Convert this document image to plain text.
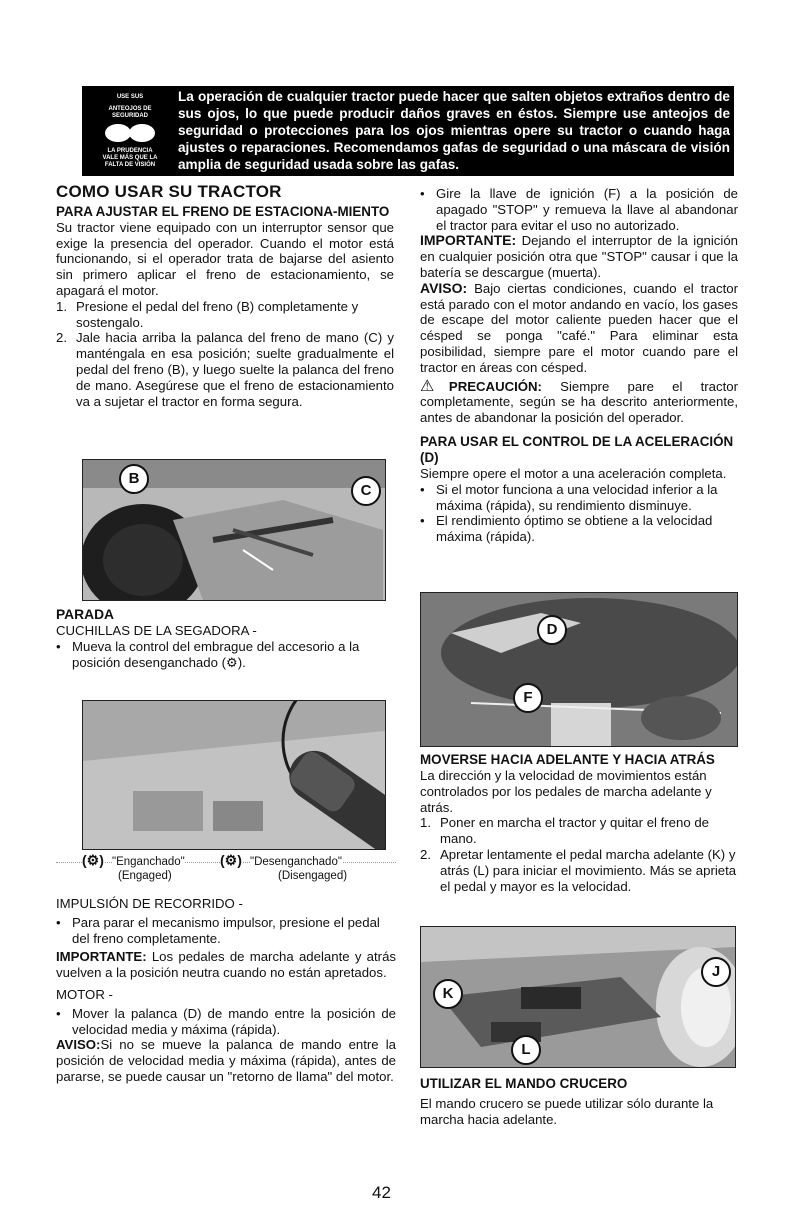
USE SUS
ANTEOJOS DE
SEGURIDAD
LA PRUDENCIA
VALE MÁS QUE LA
FALTA DE VISIÓN
La operación de cualquier tractor puede hacer que salten objetos extraños dentro de sus ojos, lo que puede producir daños graves en éstos. Siempre use anteojos de seguridad o protecciones para los ojos mientras opere su tractor o cuando haga ajustes o reparaciones. Recomendamos gafas de seguridad o una máscara de visión amplia de seguridad usada sobre las gafas.
COMO USAR SU TRACTOR
PARA AJUSTAR EL FRENO DE ESTACIONA-MIENTO

Su tractor viene equipado con un interruptor sensor que exige la presencia del operador. Cuando el motor está funcionando, si el operador trata de bajarse del asiento sin primero aplicar el freno de estacionamiento, se apagará el motor.

1. Presione el pedal del freno (B) completamente y sostengalo.
2. Jale hacia arriba la palanca del freno de mano (C) y manténgala en esa posición; suelte gradualmente el pedal del freno (B), y luego suelte la palanca del freno de mano. Asegúrese que el freno de estacionamiento va a sujetar el tractor en forma segura.
B
C
PARADA

CUCHILLAS DE LA SEGADORA -

• Mueva la control del embrague del accesorio a la posición desenganchado (⚙).
(⚙) "Enganchado"
(Engaged)
(⚙) "Desenganchado"
(Disengaged)

IMPULSIÓN DE RECORRIDO -

• Para parar el mecanismo impulsor, presione el pedal del freno completamente.

IMPORTANTE: Los pedales de marcha adelante y atrás vuelven a la posición neutra cuando no están apretados.

MOTOR -

• Mover la palanca (D) de mando entre la posición de velocidad media y máxima (rápida).

AVISO:Si no se mueve la palanca de mando entre la posición de velocidad media y máxima (rápida), antes de pararse, se puede causar un "retorno de llama" del motor.

• Gire la llave de ignición (F) a la posición de apagado "STOP" y remueva la llave al abandonar el tractor para evitar el uso no autorizado.

IMPORTANTE: Dejando el interruptor de la ignición en cualquier posición otra que "STOP" causar i que la batería se descargue (muerta).

AVISO: Bajo ciertas condiciones, cuando el tractor está parado con el motor andando en vacío, los gases de escape del motor caliente pueden hacer que el césped se ponga "café." Para eliminar esta posibilidad, siempre pare el motor cuando pare el tractor en áreas con césped.

⚠PRECAUCIÓN: Siempre pare el tractor completamente, según se ha descrito anteriormente, antes de abandonar la posición del operador.

PARA USAR EL CONTROL DE LA ACELERACIÓN (D)

Siempre opere el motor a una aceleración completa.

• Si el motor funciona a una velocidad inferior a la máxima (rápida), su rendimiento disminuye.
• El rendimiento óptimo se obtiene a la velocidad máxima (rápida).
D
F
MOVERSE HACIA ADELANTE Y HACIA ATRÁS

La dirección y la velocidad de movimientos están controlados por los pedales de marcha adelante y atrás.

1. Poner en marcha el tractor y quitar el freno de mano.
2. Apretar lentamente el pedal marcha adelante (K) y atrás (L) para iniciar el movimiento. Más se aprieta el pedal y mayor es la velocidad.
J
K
L
UTILIZAR EL MANDO CRUCERO

El mando crucero se puede utilizar sólo durante la marcha hacia adelante.

42
